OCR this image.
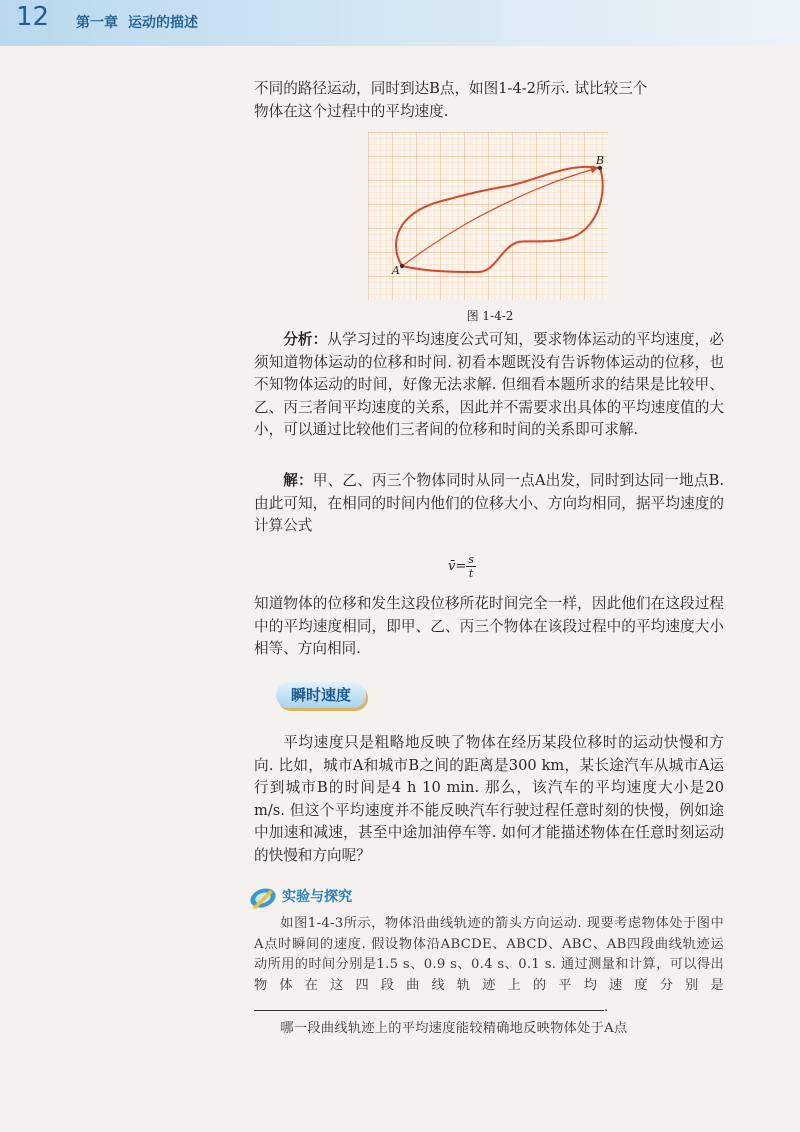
12 第一章 运动的描述

不同的路径运动，同时到达B点，如图1-4-2所示. 试比较三个

物体在这个过程中的平均速度.

A
B
图 1-4-2

分析：从学习过的平均速度公式可知，要求物体运动的平均速度，必须知道物体运动的位移和时间. 初看本题既没有告诉物体运动的位移，也不知物体运动的时间，好像无法求解. 但细看本题所求的结果是比较甲、乙、丙三者间平均速度的关系，因此并不需要求出具体的平均速度值的大小，可以通过比较他们三者间的位移和时间的关系即可求解.

解：甲、乙、丙三个物体同时从同一点A出发，同时到达同一地点B. 由此可知，在相同的时间内他们的位移大小、方向均相同，据平均速度的计算公式

v̄= $\frac{s}{t}$

知道物体的位移和发生这段位移所花时间完全一样，因此他们在这段过程中的平均速度相同，即甲、乙、丙三个物体在该段过程中的平均速度大小相等、方向相同.

瞬时速度

平均速度只是粗略地反映了物体在经历某段位移时的运动快慢和方向. 比如，城市A和城市B之间的距离是300 km，某长途汽车从城市A运行到城市B的时间是4 h 10 min. 那么，该汽车的平均速度大小是20 m/s. 但这个平均速度并不能反映汽车行驶过程任意时刻的快慢，例如途中加速和减速，甚至中途加油停车等. 如何才能描述物体在任意时刻运动的快慢和方向呢？

实验与探究

如图1-4-3所示，物体沿曲线轨迹的箭头方向运动. 现要考虑物体处于图中A点时瞬间的速度. 假设物体沿ABCDE、ABCD、ABC、AB四段曲线轨迹运动所用的时间分别是1.5 s、0.9 s、0.4 s、0.1 s. 通过测量和计算，可以得出物体在这四段曲线轨迹上的平均速度分别是.

哪一段曲线轨迹上的平均速度能较精确地反映物体处于A点
